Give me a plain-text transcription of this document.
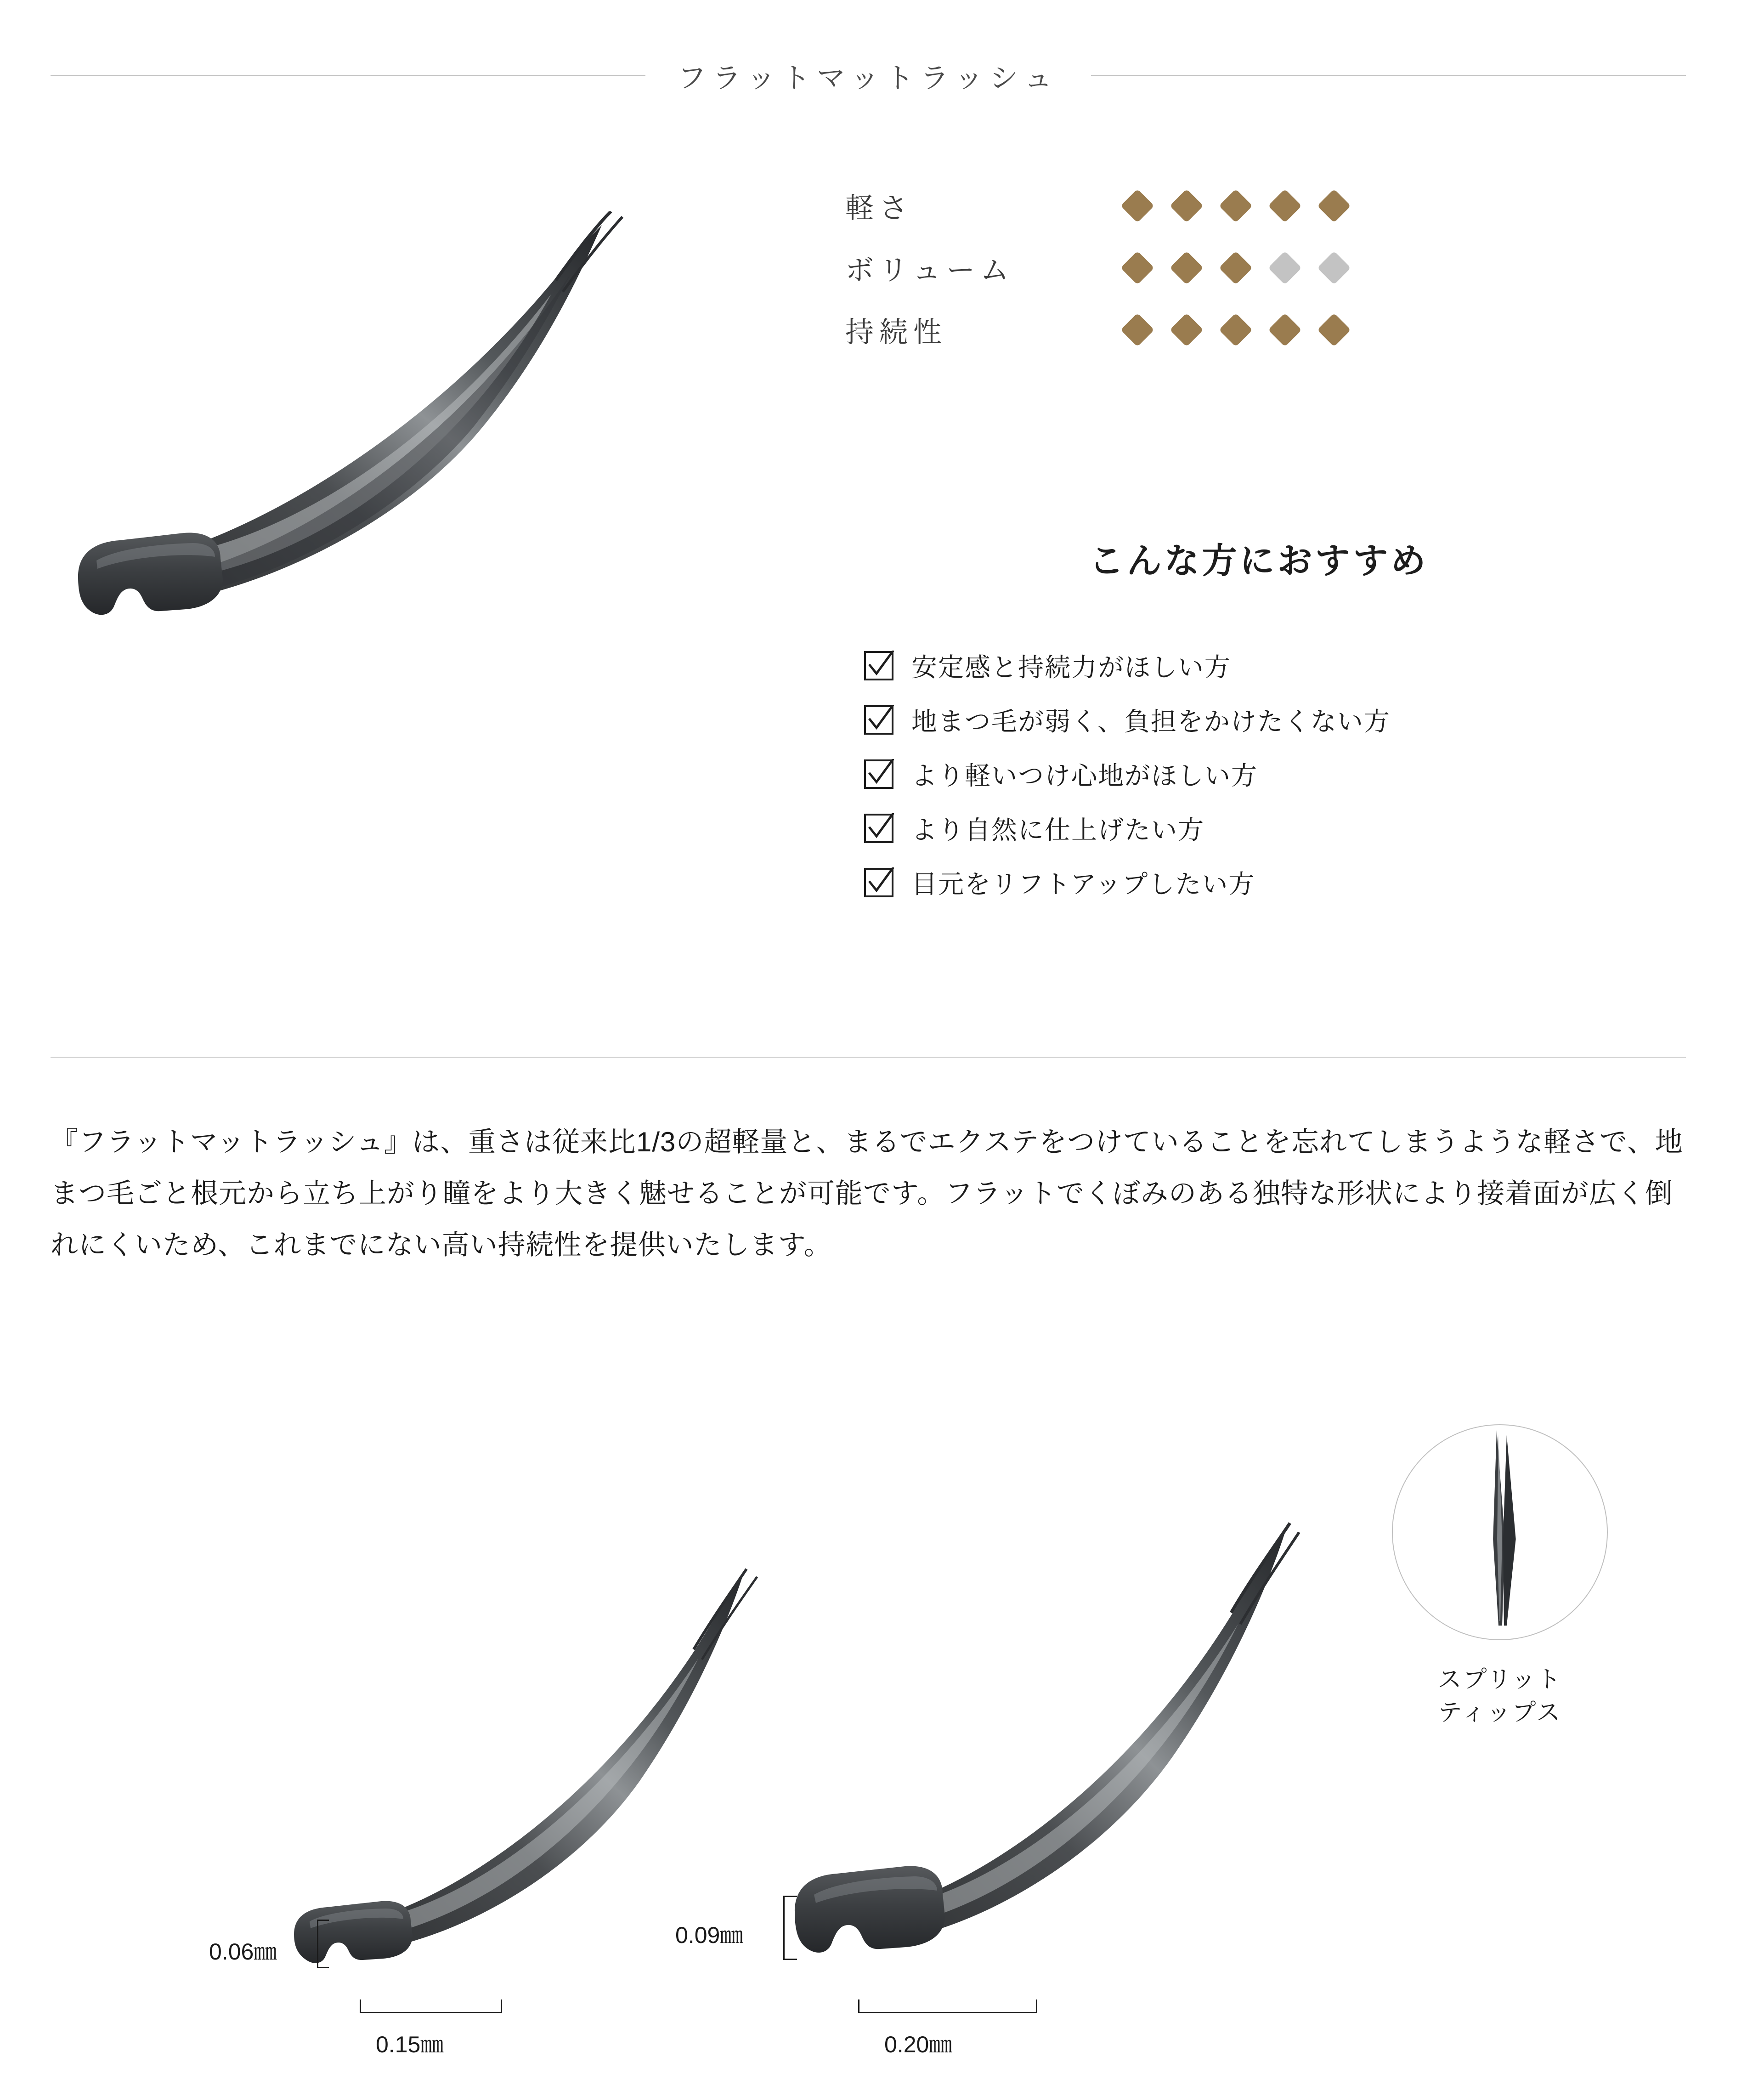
フラットマットラッシュ
軽さ
ボリューム
持続性
こんな方におすすめ
安定感と持続力がほしい方
地まつ毛が弱く、負担をかけたくない方
より軽いつけ心地がほしい方
より自然に仕上げたい方
目元をリフトアップしたい方
『フラットマットラッシュ』は、重さは従来比1/3の超軽量と、まるでエクステをつけていることを忘れてしまうような軽さで、地まつ毛ごと根元から立ち上がり瞳をより大きく魅せることが可能です。フラットでくぼみのある独特な形状により接着面が広く倒れにくいため、これまでにない高い持続性を提供いたします。
0.06㎜
0.09㎜
0.15㎜	0.20㎜
スプリット
ティップス
